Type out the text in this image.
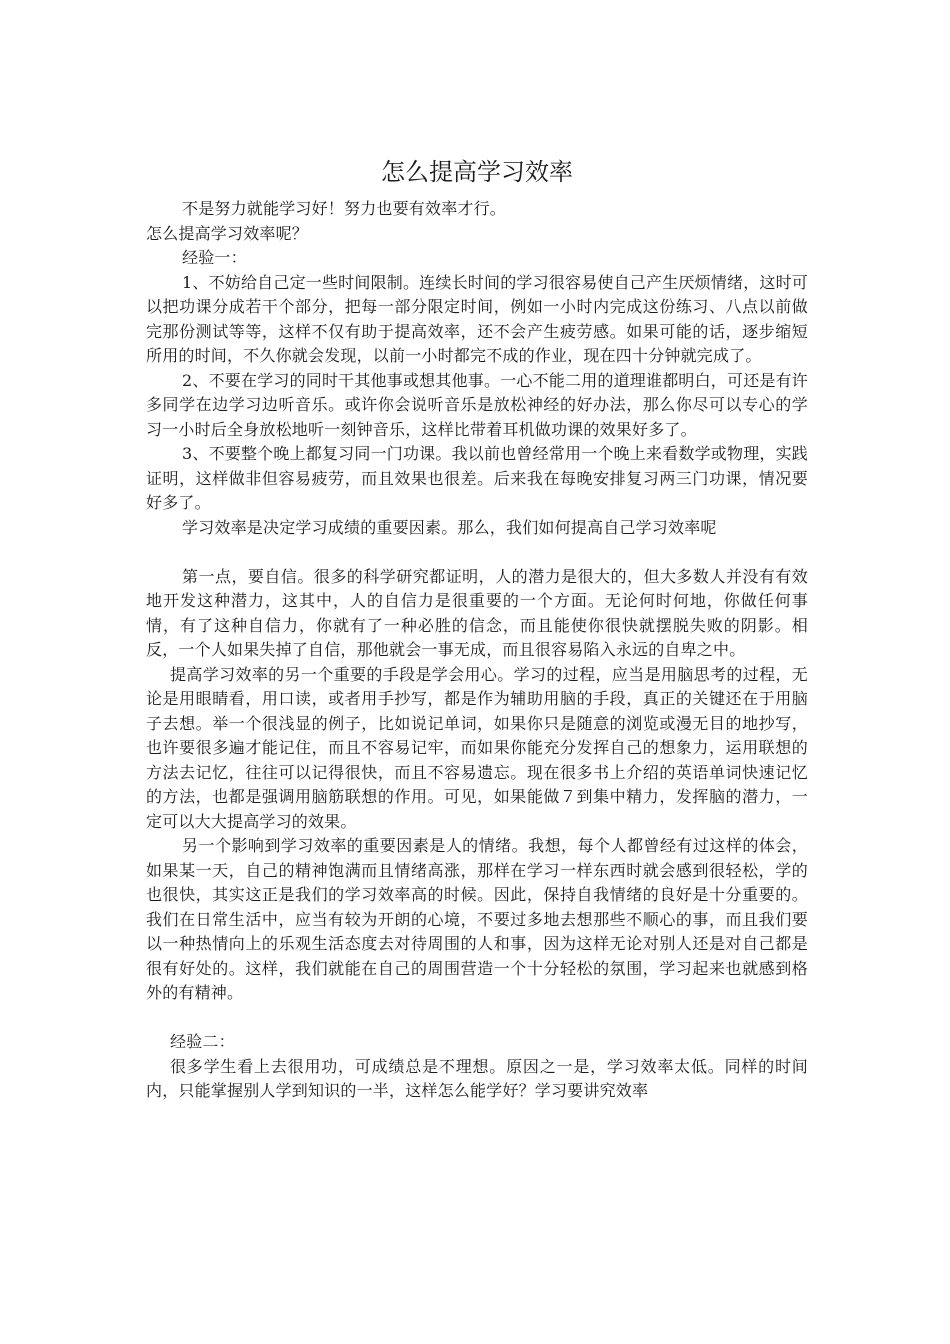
怎么提高学习效率

不是努力就能学习好！努力也要有效率才行。

怎么提高学习效率呢？

经验一：

1、不妨给自己定一些时间限制。连续长时间的学习很容易使自己产生厌烦情绪，这时可以把功课分成若干个部分，把每一部分限定时间，例如一小时内完成这份练习、八点以前做完那份测试等等，这样不仅有助于提高效率，还不会产生疲劳感。如果可能的话，逐步缩短所用的时间，不久你就会发现，以前一小时都完不成的作业，现在四十分钟就完成了。

2、不要在学习的同时干其他事或想其他事。一心不能二用的道理谁都明白，可还是有许多同学在边学习边听音乐。或许你会说听音乐是放松神经的好办法，那么你尽可以专心的学习一小时后全身放松地听一刻钟音乐，这样比带着耳机做功课的效果好多了。

3、不要整个晚上都复习同一门功课。我以前也曾经常用一个晚上来看数学或物理，实践证明，这样做非但容易疲劳，而且效果也很差。后来我在每晚安排复习两三门功课，情况要好多了。

学习效率是决定学习成绩的重要因素。那么，我们如何提高自己学习效率呢

第一点，要自信。很多的科学研究都证明，人的潜力是很大的，但大多数人并没有有效地开发这种潜力，这其中，人的自信力是很重要的一个方面。无论何时何地，你做任何事情，有了这种自信力，你就有了一种必胜的信念，而且能使你很快就摆脱失败的阴影。相反，一个人如果失掉了自信，那他就会一事无成，而且很容易陷入永远的自卑之中。

提高学习效率的另一个重要的手段是学会用心。学习的过程，应当是用脑思考的过程，无论是用眼睛看，用口读，或者用手抄写，都是作为辅助用脑的手段，真正的关键还在于用脑子去想。举一个很浅显的例子，比如说记单词，如果你只是随意的浏览或漫无目的地抄写，也许要很多遍才能记住，而且不容易记牢，而如果你能充分发挥自己的想象力，运用联想的方法去记忆，往往可以记得很快，而且不容易遗忘。现在很多书上介绍的英语单词快速记忆的方法，也都是强调用脑筋联想的作用。可见，如果能做７到集中精力，发挥脑的潜力，一定可以大大提高学习的效果。

另一个影响到学习效率的重要因素是人的情绪。我想，每个人都曾经有过这样的体会，如果某一天，自己的精神饱满而且情绪高涨，那样在学习一样东西时就会感到很轻松，学的也很快，其实这正是我们的学习效率高的时候。因此，保持自我情绪的良好是十分重要的。我们在日常生活中，应当有较为开朗的心境，不要过多地去想那些不顺心的事，而且我们要以一种热情向上的乐观生活态度去对待周围的人和事，因为这样无论对别人还是对自己都是很有好处的。这样，我们就能在自己的周围营造一个十分轻松的氛围，学习起来也就感到格外的有精神。

经验二：

很多学生看上去很用功，可成绩总是不理想。原因之一是，学习效率太低。同样的时间内，只能掌握别人学到知识的一半，这样怎么能学好？学习要讲究效率
